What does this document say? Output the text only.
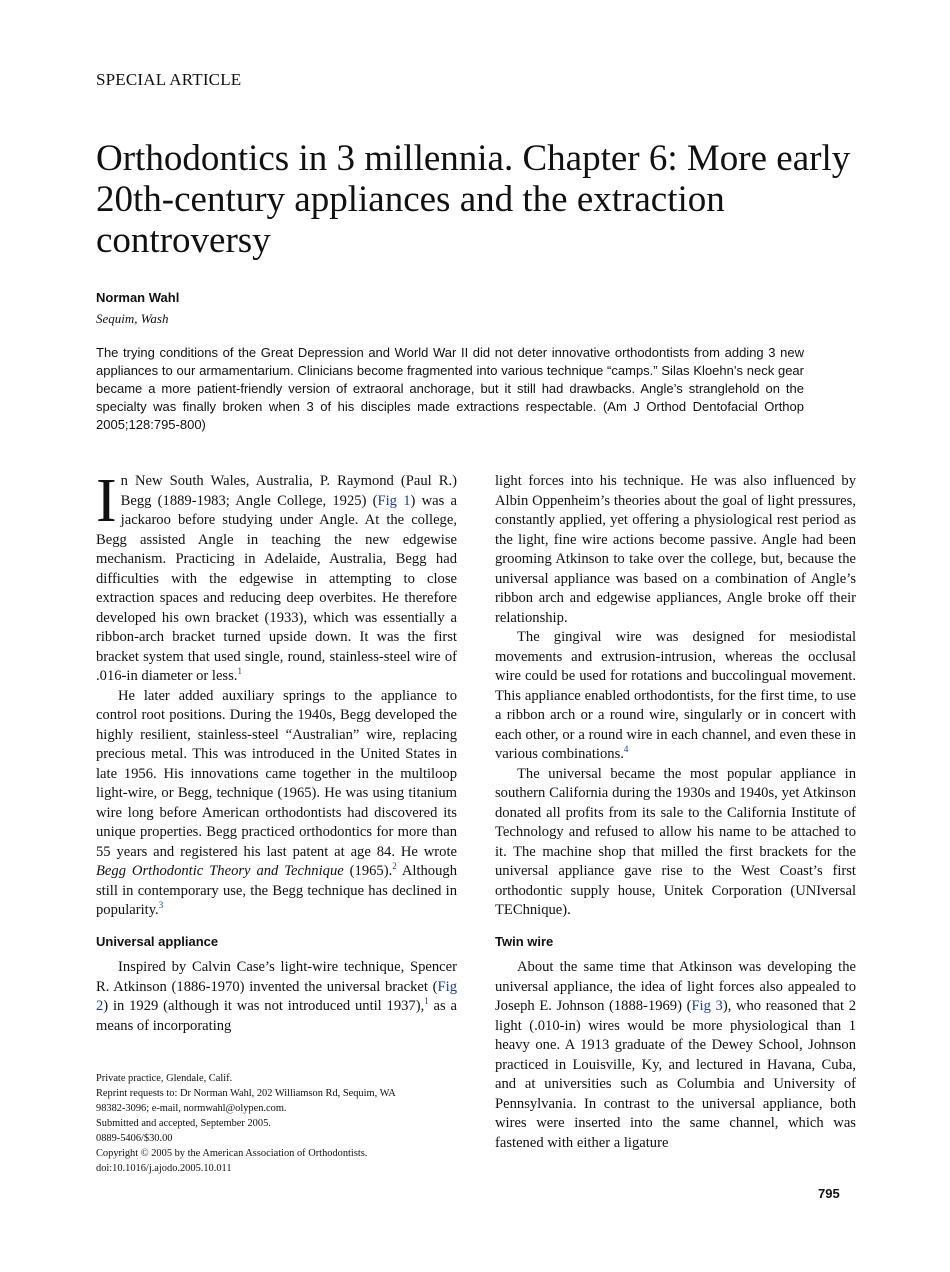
SPECIAL ARTICLE
Orthodontics in 3 millennia. Chapter 6: More early 20th-century appliances and the extraction controversy
Norman Wahl
Sequim, Wash

The trying conditions of the Great Depression and World War II did not deter innovative orthodontists from adding 3 new appliances to our armamentarium. Clinicians become fragmented into various technique “camps.” Silas Kloehn’s neck gear became a more patient-friendly version of extraoral anchorage, but it still had drawbacks. Angle’s stranglehold on the specialty was finally broken when 3 of his disciples made extractions respectable. (Am J Orthod Dentofacial Orthop 2005;128:795-800)

In New South Wales, Australia, P. Raymond (Paul R.) Begg (1889-1983; Angle College, 1925) (Fig 1) was a jackaroo before studying under Angle. At the college, Begg assisted Angle in teaching the new edgewise mechanism. Practicing in Adelaide, Australia, Begg had difficulties with the edgewise in attempting to close extraction spaces and reducing deep overbites. He therefore developed his own bracket (1933), which was essentially a ribbon-arch bracket turned upside down. It was the first bracket system that used single, round, stainless-steel wire of .016-in diameter or less.$^1$

He later added auxiliary springs to the appliance to control root positions. During the 1940s, Begg developed the highly resilient, stainless-steel “Australian” wire, replacing precious metal. This was introduced in the United States in late 1956. His innovations came together in the multiloop light-wire, or Begg, technique (1965). He was using titanium wire long before American orthodontists had discovered its unique properties. Begg practiced orthodontics for more than 55 years and registered his last patent at age 84. He wrote Begg Orthodontic Theory and Technique (1965).$^2$ Although still in contemporary use, the Begg technique has declined in popularity.$^3$

Universal appliance

Inspired by Calvin Case’s light-wire technique, Spencer R. Atkinson (1886-1970) invented the universal bracket (Fig 2) in 1929 (although it was not introduced until 1937),$^1$ as a means of incorporating

light forces into his technique. He was also influenced by Albin Oppenheim’s theories about the goal of light pressures, constantly applied, yet offering a physiological rest period as the light, fine wire actions become passive. Angle had been grooming Atkinson to take over the college, but, because the universal appliance was based on a combination of Angle’s ribbon arch and edgewise appliances, Angle broke off their relationship.

The gingival wire was designed for mesiodistal movements and extrusion-intrusion, whereas the occlusal wire could be used for rotations and buccolingual movement. This appliance enabled orthodontists, for the first time, to use a ribbon arch or a round wire, singularly or in concert with each other, or a round wire in each channel, and even these in various combinations.$^4$

The universal became the most popular appliance in southern California during the 1930s and 1940s, yet Atkinson donated all profits from its sale to the California Institute of Technology and refused to allow his name to be attached to it. The machine shop that milled the first brackets for the universal appliance gave rise to the West Coast’s first orthodontic supply house, Unitek Corporation (UNIversal TEChnique).

Twin wire

About the same time that Atkinson was developing the universal appliance, the idea of light forces also appealed to Joseph E. Johnson (1888-1969) (Fig 3), who reasoned that 2 light (.010-in) wires would be more physiological than 1 heavy one. A 1913 graduate of the Dewey School, Johnson practiced in Louisville, Ky, and lectured in Havana, Cuba, and at universities such as Columbia and University of Pennsylvania. In contrast to the universal appliance, both wires were inserted into the same channel, which was fastened with either a ligature

Private practice, Glendale, Calif.
Reprint requests to: Dr Norman Wahl, 202 Williamson Rd, Sequim, WA
98382-3096; e-mail, normwahl@olypen.com.
Submitted and accepted, September 2005.
0889-5406/$30.00
Copyright © 2005 by the American Association of Orthodontists.
doi:10.1016/j.ajodo.2005.10.011
795
